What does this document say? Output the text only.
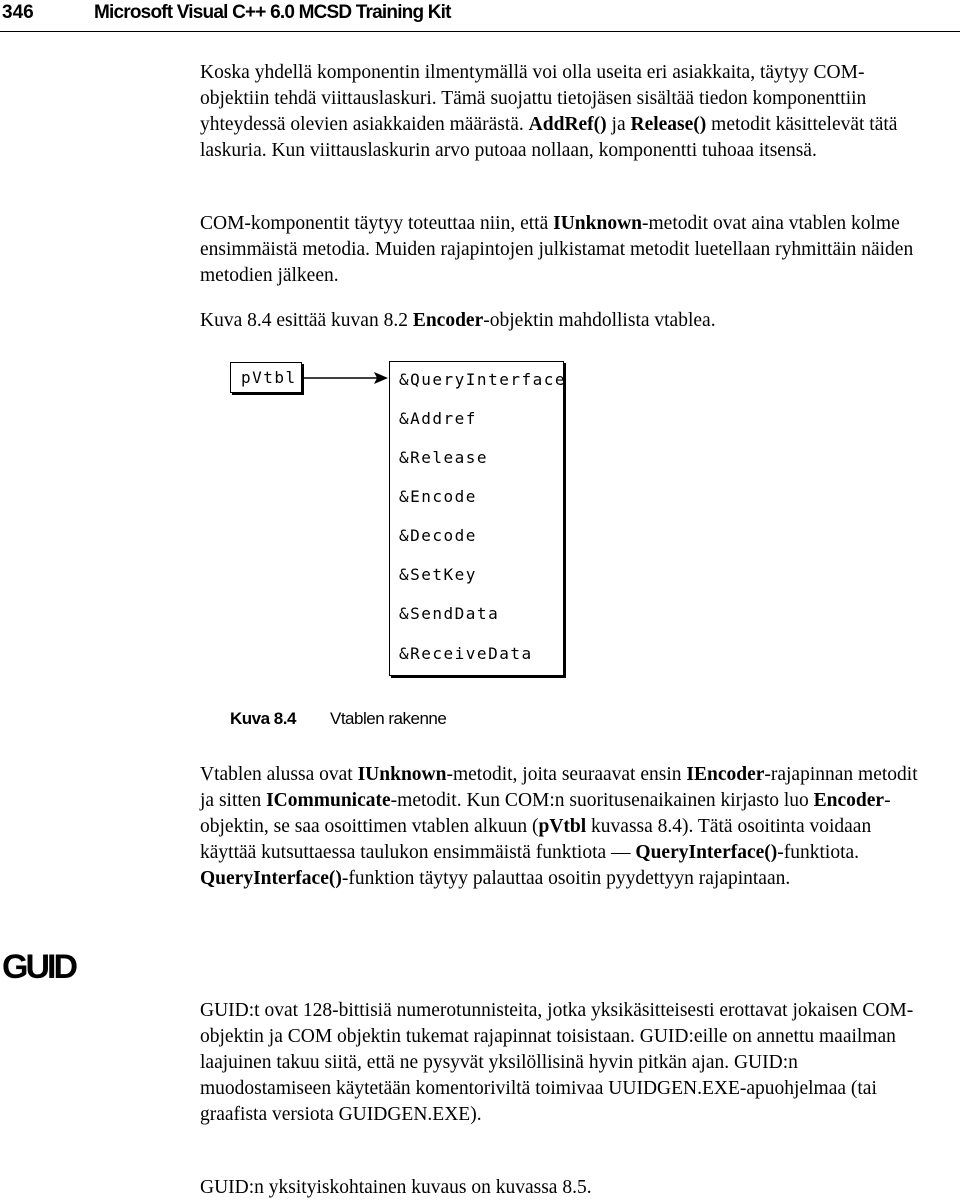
346	Microsoft Visual C++ 6.0 MCSD Training Kit

Koska yhdellä komponentin ilmentymällä voi olla useita eri asiakkaita, täytyy COM-objektiin tehdä viittauslaskuri. Tämä suojattu tietojäsen sisältää tiedon komponenttiin yhteydessä olevien asiakkaiden määrästä. AddRef() ja Release() metodit käsittelevät tätä laskuria. Kun viittauslaskurin arvo putoaa nollaan, komponentti tuhoaa itsensä.

COM-komponentit täytyy toteuttaa niin, että IUnknown-metodit ovat aina vtablen kolme ensimmäistä metodia. Muiden rajapintojen julkistamat metodit luetellaan ryhmittäin näiden metodien jälkeen.

Kuva 8.4 esittää kuvan 8.2 Encoder-objektin mahdollista vtablea.

pVtbl	&QueryInterface
&Addref
&Release
&Encode
&Decode
&SetKey
&SendData
&ReceiveData
Kuva 8.4 Vtablen rakenne

Vtablen alussa ovat IUnknown-metodit, joita seuraavat ensin IEncoder-rajapinnan metodit ja sitten ICommunicate-metodit. Kun COM:n suoritusenaikainen kirjasto luo Encoder-objektin, se saa osoittimen vtablen alkuun (pVtbl kuvassa 8.4). Tätä osoitinta voidaan käyttää kutsuttaessa taulukon ensimmäistä funktiota — QueryInterface()-funktiota. QueryInterface()-funktion täytyy palauttaa osoitin pyydettyyn rajapintaan.

GUID

GUID:t ovat 128-bittisiä numerotunnisteita, jotka yksikäsitteisesti erottavat jokaisen COM-objektin ja COM objektin tukemat rajapinnat toisistaan. GUID:eille on annettu maailman laajuinen takuu siitä, että ne pysyvät yksilöllisinä hyvin pitkän ajan. GUID:n muodostamiseen käytetään komentoriviltä toimivaa UUIDGEN.EXE-apuohjelmaa (tai graafista versiota GUIDGEN.EXE).

GUID:n yksityiskohtainen kuvaus on kuvassa 8.5.
